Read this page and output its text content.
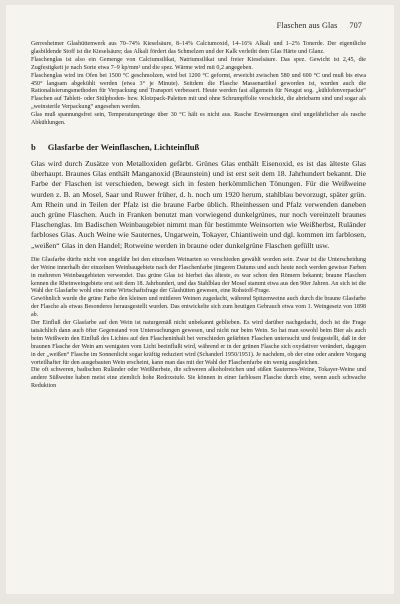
Flaschen aus Glas 707

Gerresheimer Glashüttenwerk aus 70–74% Kieselsäure, 8–14% Calciumoxid, 14–16% Alkali und 1–2% Tonerde. Der eigentliche glasbildende Stoff ist die Kieselsäure; das Alkali fördert das Schmelzen und der Kalk verleiht dem Glas Härte und Glanz.

Flaschenglas ist also ein Gemenge von Calciumsilikat, Natriumsilikat und freier Kieselsäure. Das spez. Gewicht ist 2,45, die Zugfestigkeit je nach Sorte etwa 7–9 kp/mm² und die spez. Wärme wird mit 0,2 angegeben.

Flaschenglas wird im Ofen bei 1500 °C geschmolzen, wird bei 1200 °C geformt, erweicht zwischen 580 und 600 °C und muß bis etwa 450° langsam abgekühlt werden (etwa 3° je Minute). Seitdem die Flasche Massenartikel geworden ist, wurden auch die Rationalisierungsmethoden für Verpackung und Transport verbessert. Heute werden fast allgemein für Neugut sog. „kühlofenverpackte“ Flaschen auf Tablett- oder Stülpboden- bzw. Klotzpack-Paletten mit und ohne Schrumpffolie verschickt, die abriebarm sind und sogar als „weinsterile Verpackung“ angesehen werden.

Glas muß spannungsfrei sein, Temperatursprünge über 30 °C hält es nicht aus. Rasche Erwärmungen sind ungefährlicher als rasche Abkühlungen.

b Glasfarbe der Weinflaschen, Lichteinfluß

Glas wird durch Zusätze von Metalloxiden gefärbt. Grünes Glas enthält Eisenoxid, es ist das älteste Glas überhaupt. Braunes Glas enthält Manganoxid (Braunstein) und ist erst seit dem 18. Jahrhundert bekannt. Die Farbe der Flaschen ist verschieden, bewegt sich in festen herkömmlichen Tönungen. Für die Weißweine wurden z. B. an Mosel, Saar und Ruwer früher, d. h. noch um 1920 herum, stahlblau bevorzugt, später grün. Am Rhein und in Teilen der Pfalz ist die braune Farbe üblich. Rheinhessen und Pfalz verwenden daneben auch grüne Flaschen. Auch in Franken benutzt man vorwiegend dunkelgrünes, nur noch vereinzelt braunes Flaschenglas. Im Badischen Weinbaugebiet nimmt man für bestimmte Weinsorten wie Weißherbst, Ruländer farbloses Glas. Auch Weine wie Sauternes, Ungarwein, Tokayer, Chiantiwein und dgl. kommen im farblosen, „weißen“ Glas in den Handel; Rotweine werden in braune oder dunkelgrüne Flaschen gefüllt usw.

Die Glasfarbe dürfte nicht von ungefähr bei den einzelnen Weinarten so verschieden gewählt worden sein. Zwar ist die Unterscheidung der Weine innerhalb der einzelnen Weinbaugebiete nach der Flaschenfarbe jüngeren Datums und auch heute noch werden gewisse Farben in mehreren Weinbaugebieten verwendet. Das grüne Glas ist hierbei das älteste, es war schon den Römern bekannt; braune Flaschen kennen die Rheinweingebiete erst seit dem 18. Jahrhundert, und das Stahlblau der Mosel stammt etwa aus den 90er Jahren. An sich ist die Wahl der Glasfarbe wohl eine reine Wirtschaftsfrage der Glashütten gewesen, eine Rohstoff-Frage.

Gewöhnlich wurde die grüne Farbe den kleinen und mittleren Weinen zugedacht, während Spitzenweine auch durch die braune Glasfarbe der Flasche als etwas Besonderes herausgestellt wurden. Das entwickelte sich zum heutigen Gebrauch etwa vom 1. Weingesetz von 1898 ab.

Der Einfluß der Glasfarbe auf den Wein ist naturgemäß nicht unbekannt geblieben. Es wird darüber nachgedacht, doch ist die Frage tatsächlich dann auch öfter Gegenstand von Untersuchungen gewesen, und nicht nur beim Wein. So hat man sowohl beim Bier als auch beim Weißwein den Einfluß des Lichtes auf den Flascheninhalt bei verschieden gefärbten Flaschen untersucht und festgestellt, daß in der braunen Flasche der Wein am wenigsten vom Licht beeinflußt wird, während er in der grünen Flasche sich oxydativer verändert, dagegen in der „weißen“ Flasche im Sonnenlicht sogar kräftig reduziert wird (Schanderl 1950/1951). Je nachdem, ob der eine oder andere Vorgang vorteilhafter für den ausgebauten Wein erscheint, kann man das mit der Wahl der Flaschenfarbe ein wenig ausgleichen.

Die oft schweren, badischen Ruländer oder Weißherbste, die schweren alkoholreichen und süßen Sauternes-Weine, Tokayer-Weine und andere Süßweine haben meist eine ziemlich hohe Redoxstufe. Sie können in einer farblosen Flasche durch eine, wenn auch schwache Reduktion
